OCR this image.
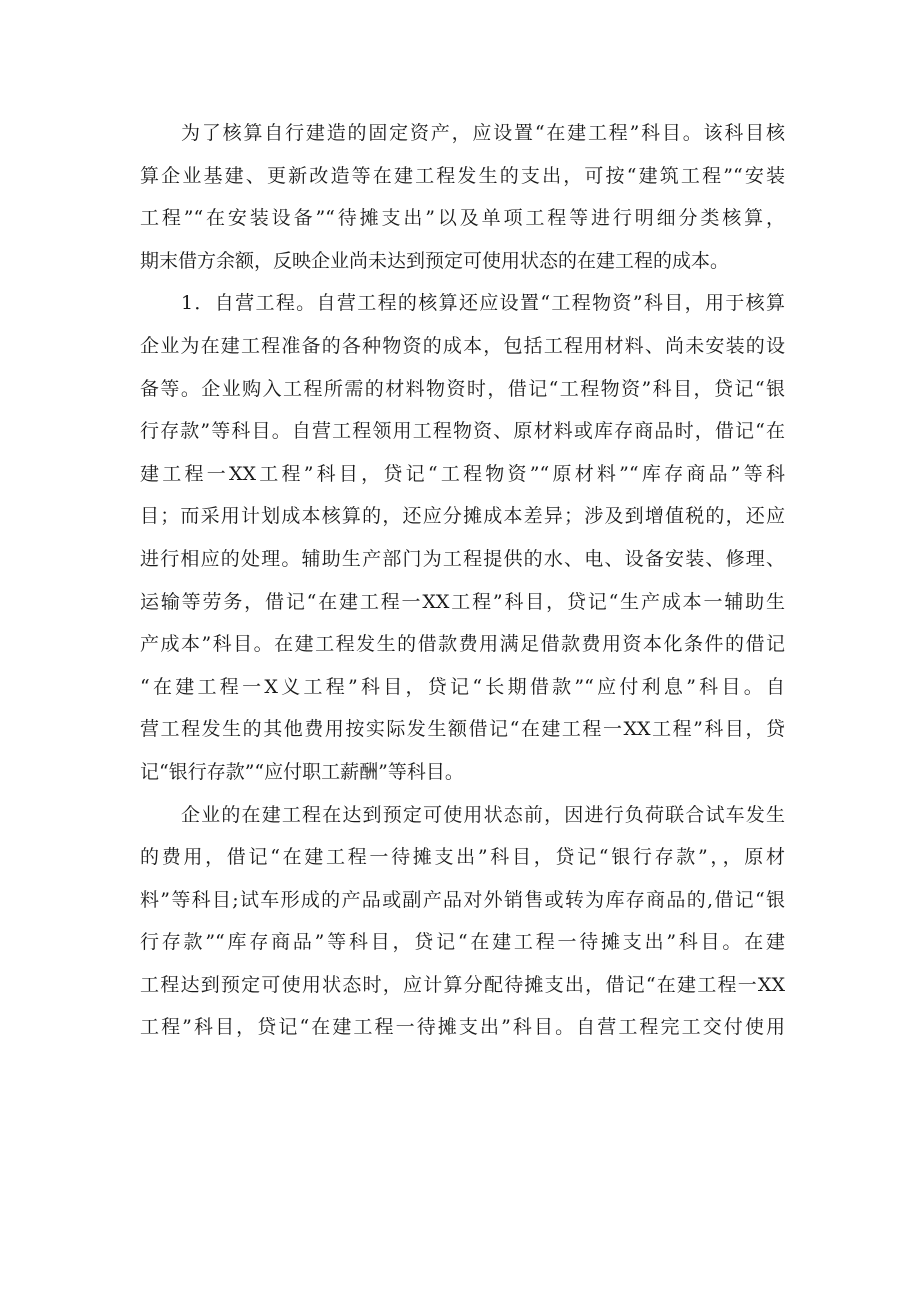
为了核算自行建造的固定资产，应设置“在建工程”科目。该科目核
算企业基建、更新改造等在建工程发生的支出，可按“建筑工程”“安装
工程”“在安装设备”“待摊支出”以及单项工程等进行明细分类核算，
期末借方余额，反映企业尚未达到预定可使用状态的在建工程的成本。
1．自营工程。自营工程的核算还应设置“工程物资”科目，用于核算
企业为在建工程准备的各种物资的成本，包括工程用材料、尚未安装的设
备等。企业购入工程所需的材料物资时，借记“工程物资”科目，贷记“银
行存款”等科目。自营工程领用工程物资、原材料或库存商品时，借记“在
建工程一XX工程”科目，贷记“工程物资”“原材料”“库存商品”等科
目；而采用计划成本核算的，还应分摊成本差异；涉及到增值税的，还应
进行相应的处理。辅助生产部门为工程提供的水、电、设备安装、修理、
运输等劳务，借记“在建工程一XX工程”科目，贷记“生产成本一辅助生
产成本”科目。在建工程发生的借款费用满足借款费用资本化条件的借记
“在建工程一X义工程”科目，贷记“长期借款”“应付利息”科目。自
营工程发生的其他费用按实际发生额借记“在建工程一XX工程”科目，贷
记“银行存款”“应付职工薪酬”等科目。
企业的在建工程在达到预定可使用状态前，因进行负荷联合试车发生
的费用，借记“在建工程一待摊支出”科目，贷记“银行存款”，，原材
料”等科目;试车形成的产品或副产品对外销售或转为库存商品的,借记“银
行存款”“库存商品”等科目，贷记“在建工程一待摊支出”科目。在建
工程达到预定可使用状态时，应计算分配待摊支出，借记“在建工程一XX
工程”科目，贷记“在建工程一待摊支出”科目。自营工程完工交付使用
